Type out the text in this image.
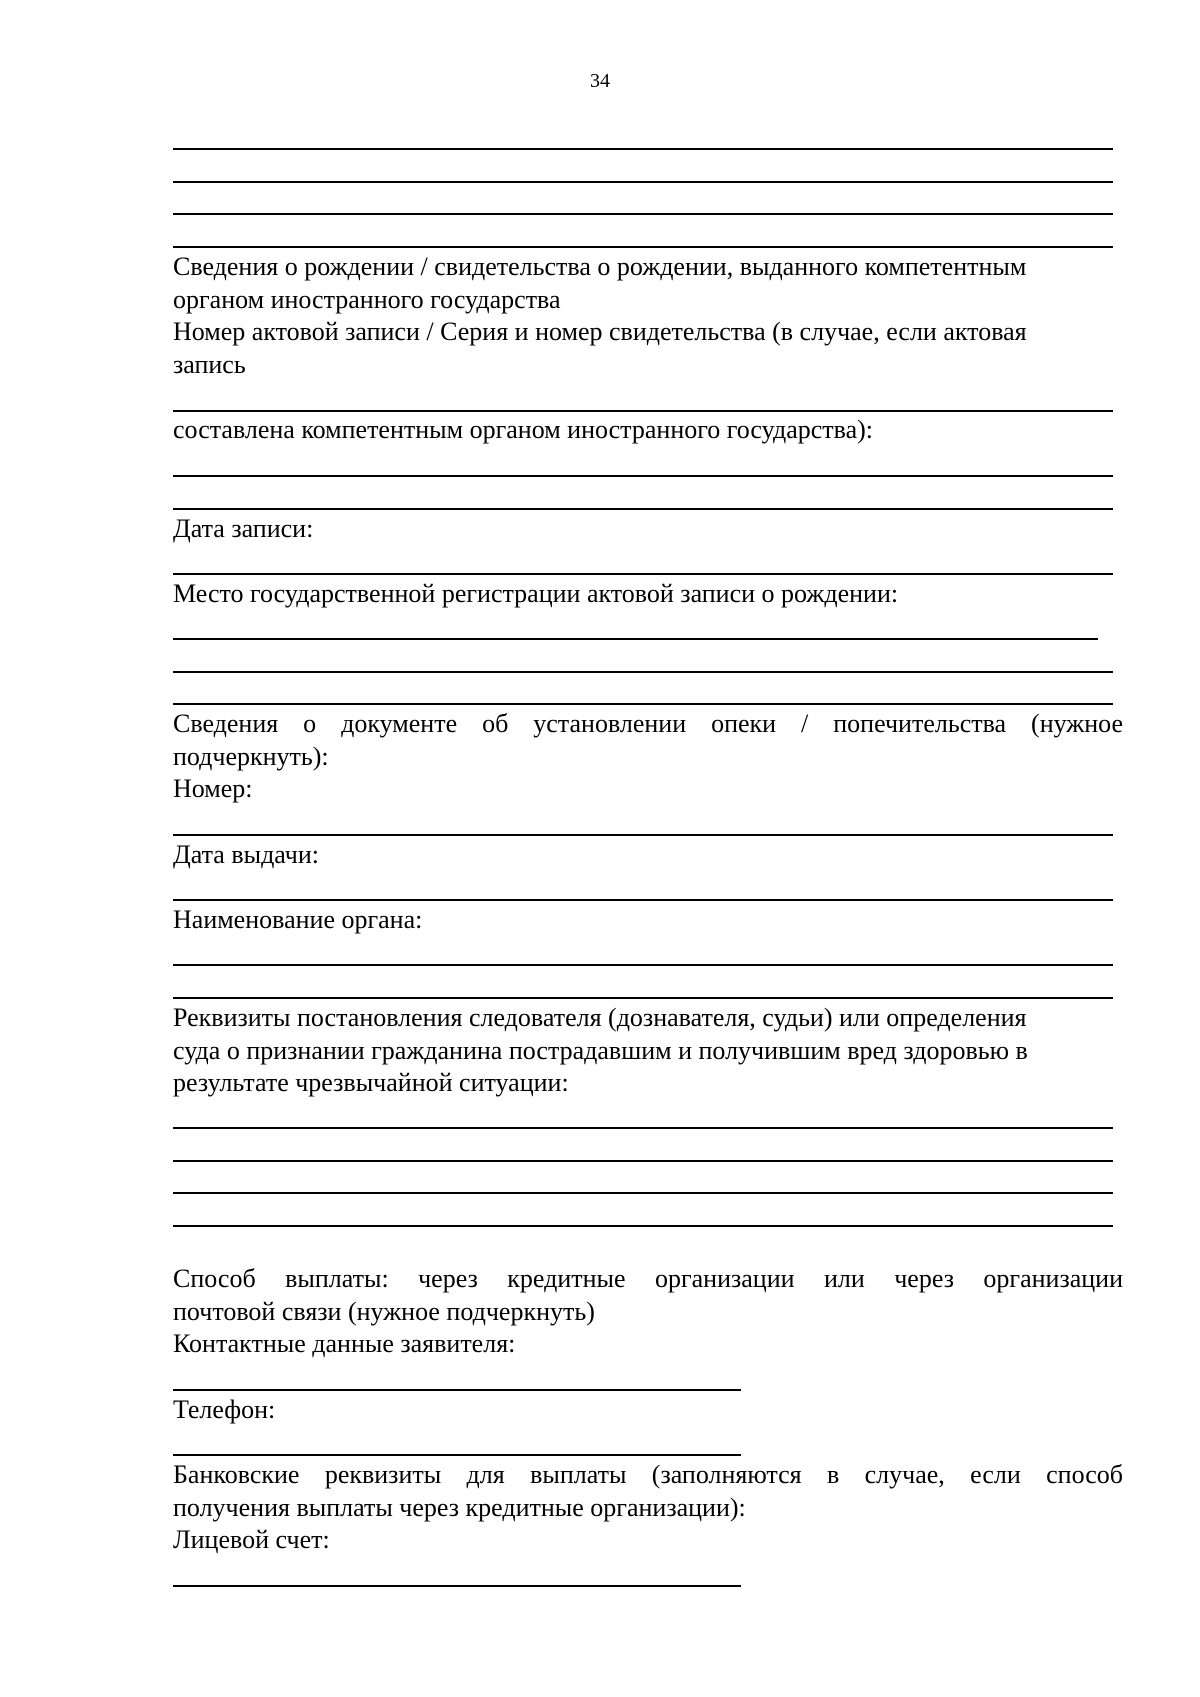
34
Сведения о рождении / свидетельства о рождении, выданного компетентным
органом иностранного государства
Номер актовой записи / Серия и номер свидетельства (в случае, если актовая
запись
составлена компетентным органом иностранного государства):
Дата записи:
Место государственной регистрации актовой записи о рождении:
Сведения о документе об установлении опеки / попечительства (нужное
подчеркнуть):
Номер:
Дата выдачи:
Наименование органа:
Реквизиты постановления следователя (дознавателя, судьи) или определения
суда о признании гражданина пострадавшим и получившим вред здоровью в
результате чрезвычайной ситуации:
Способ выплаты: через кредитные организации или через организации
почтовой связи (нужное подчеркнуть)
Контактные данные заявителя:
Телефон:
Банковские реквизиты для выплаты (заполняются в случае, если способ
получения выплаты через кредитные организации):
Лицевой счет:
